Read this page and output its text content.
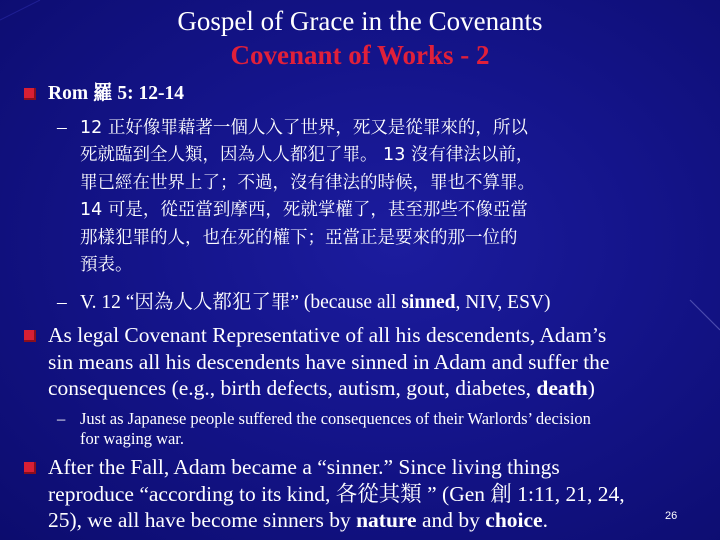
Gospel of Grace in the Covenants
Covenant of Works - 2
Rom 羅 5: 12-14
– 12 正好像罪藉著一個人入了世界，死又是從罪來的，所以
死就臨到全人類，因為人人都犯了罪。 13 沒有律法以前，
罪已經在世界上了；不過，沒有律法的時候，罪也不算罪。
14 可是，從亞當到摩西，死就掌權了，甚至那些不像亞當
那樣犯罪的人，也在死的權下；亞當正是要來的那一位的
預表。
– V. 12 “因為人人都犯了罪” (because all sinned, NIV, ESV)
As legal Covenant Representative of all his descendents, Adam’s
sin means all his descendents have sinned in Adam and suffer the
consequences (e.g., birth defects, autism, gout, diabetes, death)
– Just as Japanese people suffered the consequences of their Warlords’ decision
for waging war.
After the Fall, Adam became a “sinner.” Since living things
reproduce “according to its kind, 各從其類 ” (Gen 創 1:11, 21, 24,
25), we all have become sinners by nature and by choice.	26
